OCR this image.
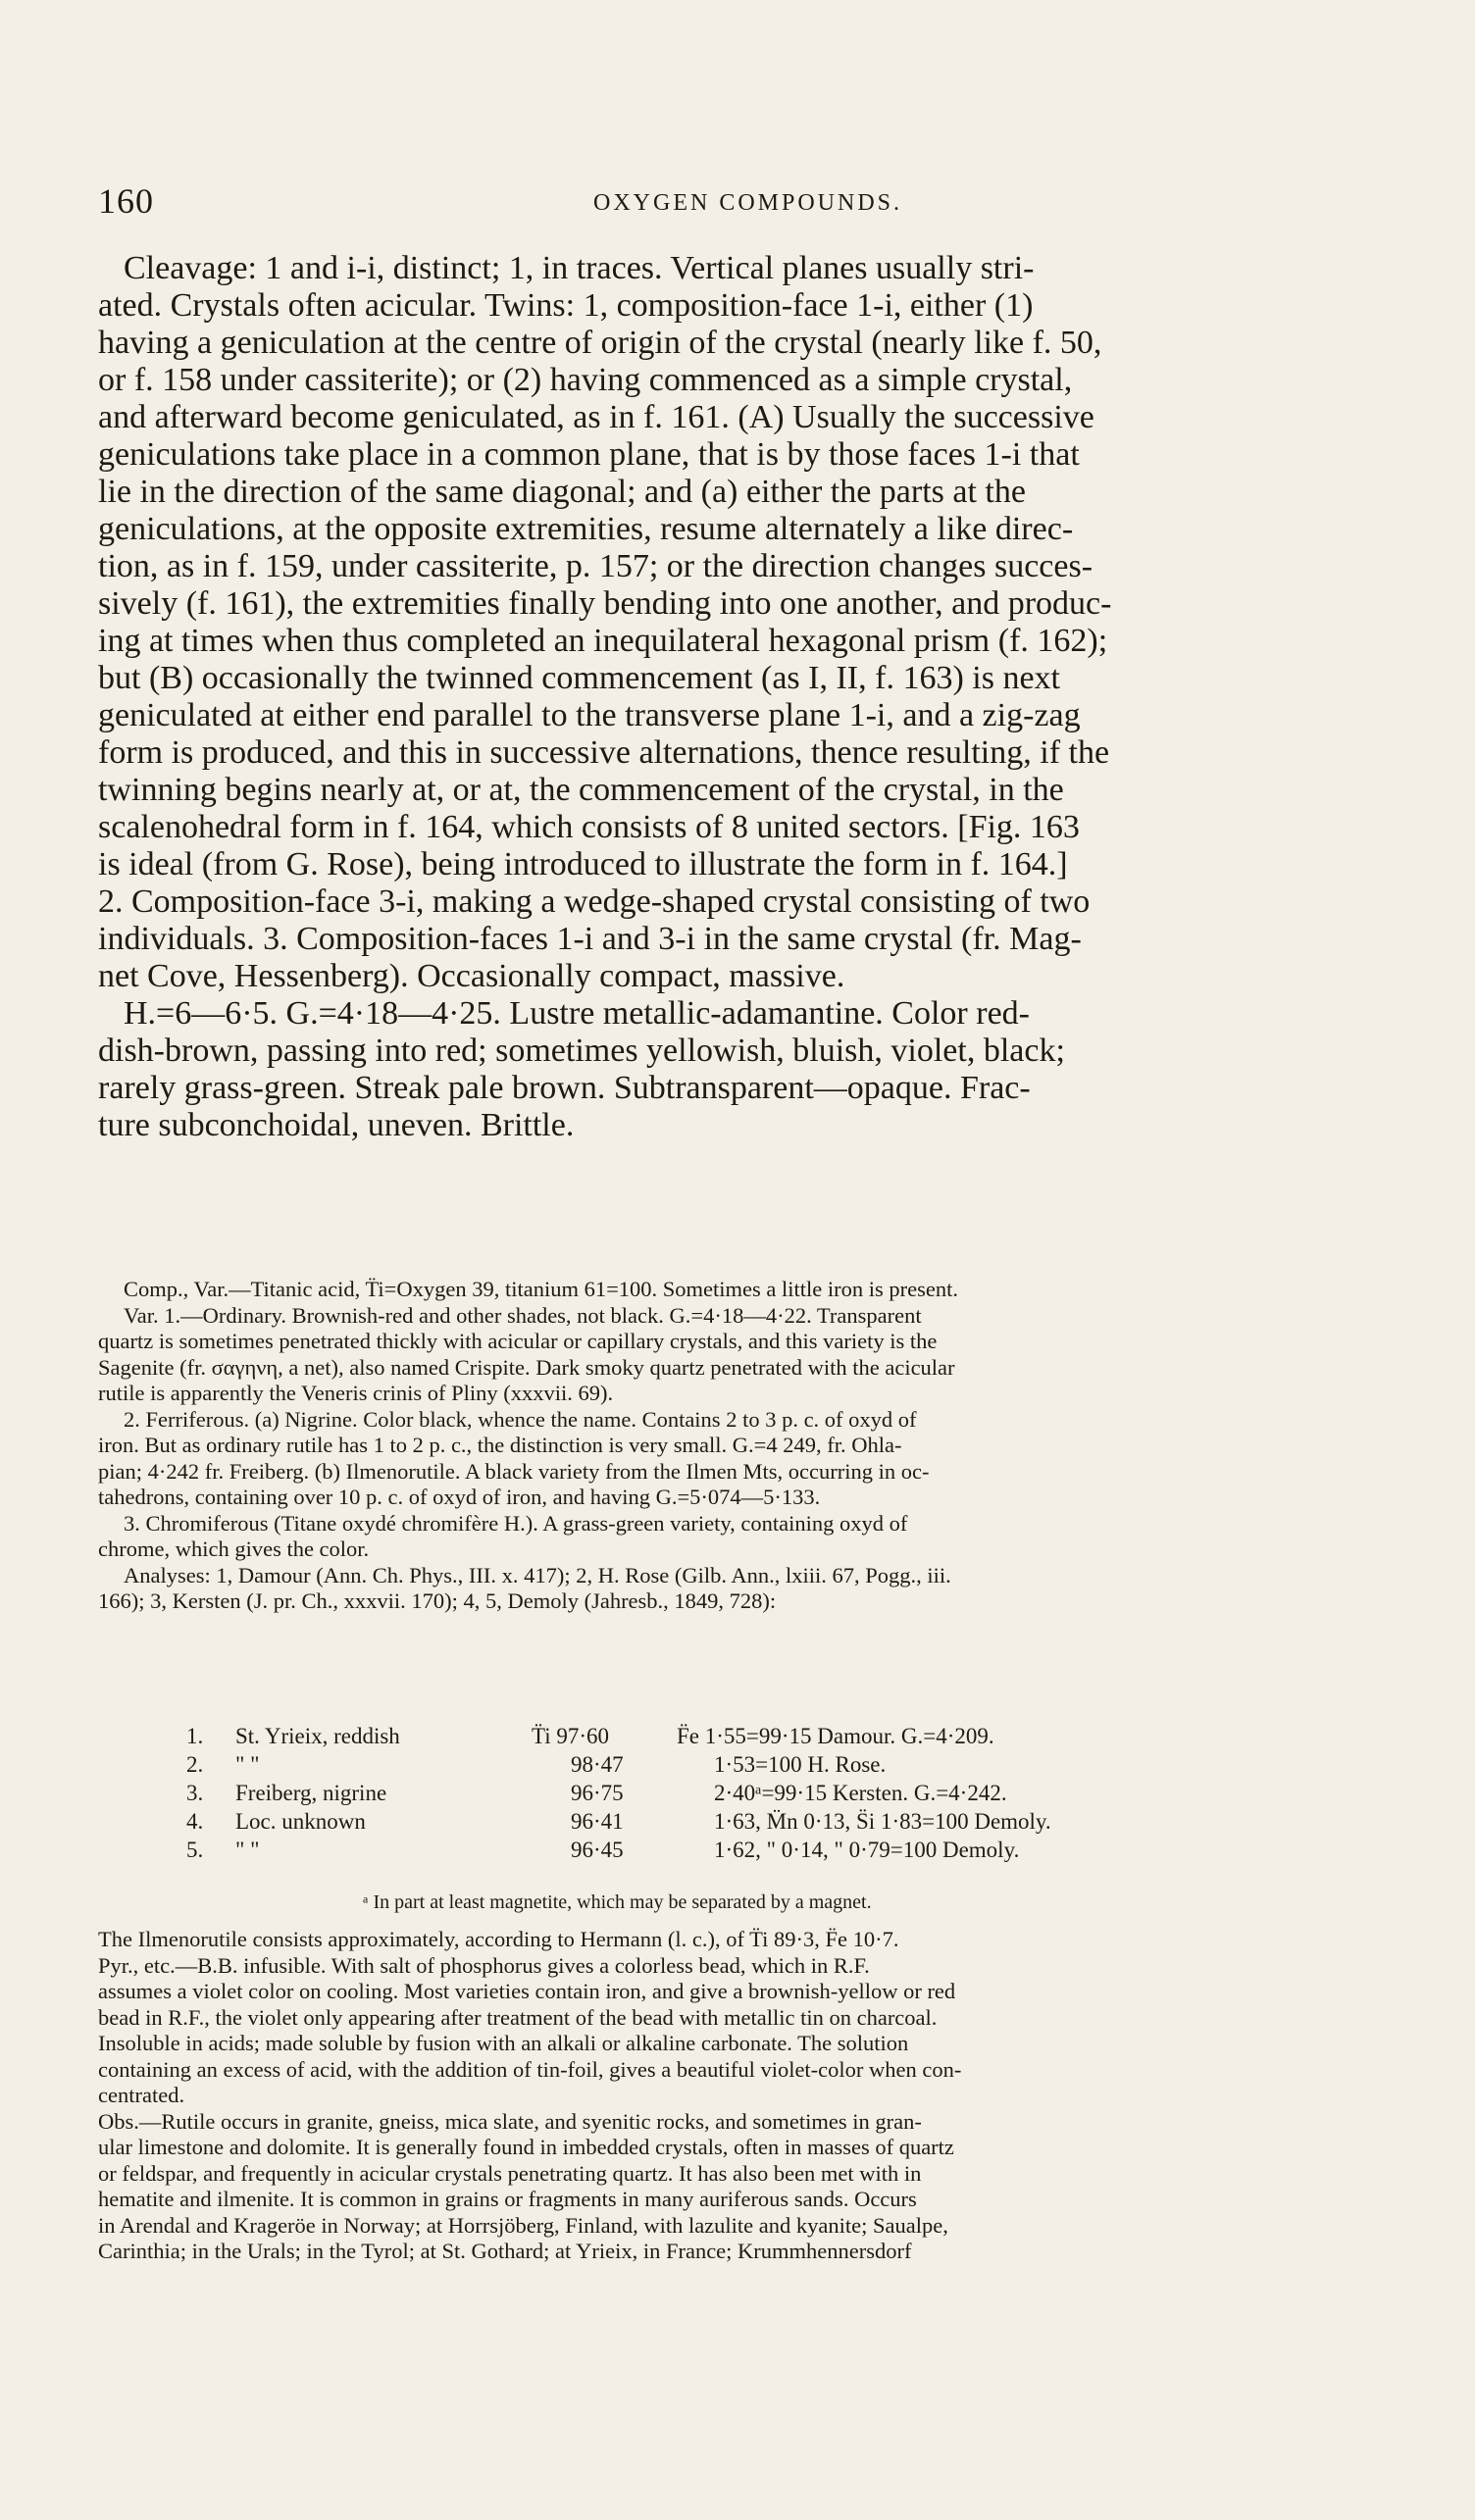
160	OXYGEN COMPOUNDS.

Cleavage: 1 and i-i, distinct; 1, in traces. Vertical planes usually stri-

ated. Crystals often acicular. Twins: 1, composition-face 1-i, either (1)

having a geniculation at the centre of origin of the crystal (nearly like f. 50,

or f. 158 under cassiterite); or (2) having commenced as a simple crystal,

and afterward become geniculated, as in f. 161. (A) Usually the successive

geniculations take place in a common plane, that is by those faces 1-i that

lie in the direction of the same diagonal; and (a) either the parts at the

geniculations, at the opposite extremities, resume alternately a like direc-

tion, as in f. 159, under cassiterite, p. 157; or the direction changes succes-

sively (f. 161), the extremities finally bending into one another, and produc-

ing at times when thus completed an inequilateral hexagonal prism (f. 162);

but (B) occasionally the twinned commencement (as I, II, f. 163) is next

geniculated at either end parallel to the transverse plane 1-i, and a zig-zag

form is produced, and this in successive alternations, thence resulting, if the

twinning begins nearly at, or at, the commencement of the crystal, in the

scalenohedral form in f. 164, which consists of 8 united sectors. [Fig. 163

is ideal (from G. Rose), being introduced to illustrate the form in f. 164.]

2. Composition-face 3-i, making a wedge-shaped crystal consisting of two

individuals. 3. Composition-faces 1-i and 3-i in the same crystal (fr. Mag-

net Cove, Hessenberg). Occasionally compact, massive.

H.=6—6·5. G.=4·18—4·25. Lustre metallic-adamantine. Color red-

dish-brown, passing into red; sometimes yellowish, bluish, violet, black;

rarely grass-green. Streak pale brown. Subtransparent—opaque. Frac-

ture subconchoidal, uneven. Brittle.

Comp., Var.—Titanic acid, T̈i=Oxygen 39, titanium 61=100. Sometimes a little iron is present.

Var. 1.—Ordinary. Brownish-red and other shades, not black. G.=4·18—4·22. Transparent

quartz is sometimes penetrated thickly with acicular or capillary crystals, and this variety is the

Sagenite (fr. σαγηνη, a net), also named Crispite. Dark smoky quartz penetrated with the acicular

rutile is apparently the Veneris crinis of Pliny (xxxvii. 69).

2. Ferriferous. (a) Nigrine. Color black, whence the name. Contains 2 to 3 p. c. of oxyd of

iron. But as ordinary rutile has 1 to 2 p. c., the distinction is very small. G.=4 249, fr. Ohla-

pian; 4·242 fr. Freiberg. (b) Ilmenorutile. A black variety from the Ilmen Mts, occurring in oc-

tahedrons, containing over 10 p. c. of oxyd of iron, and having G.=5·074—5·133.

3. Chromiferous (Titane oxydé chromifère H.). A grass-green variety, containing oxyd of

chrome, which gives the color.

Analyses: 1, Damour (Ann. Ch. Phys., III. x. 417); 2, H. Rose (Gilb. Ann., lxiii. 67, Pogg., iii.

166); 3, Kersten (J. pr. Ch., xxxvii. 170); 4, 5, Demoly (Jahresb., 1849, 728):

1. St. Yrieix, reddish	T̈i 97·60	F̈e 1·55=99·15 Damour. G.=4·209.
2. " "	98·47	1·53=100 H. Rose.
3. Freiberg, nigrine	96·75	2·40ᵃ=99·15 Kersten. G.=4·242.
4. Loc. unknown	96·41	1·63, M̈n 0·13, S̈i 1·83=100 Demoly.
5. " "	96·45	1·62, " 0·14, " 0·79=100 Demoly.
ᵃ In part at least magnetite, which may be separated by a magnet.

The Ilmenorutile consists approximately, according to Hermann (l. c.), of T̈i 89·3, F̈e 10·7.

Pyr., etc.—B.B. infusible. With salt of phosphorus gives a colorless bead, which in R.F.

assumes a violet color on cooling. Most varieties contain iron, and give a brownish-yellow or red

bead in R.F., the violet only appearing after treatment of the bead with metallic tin on charcoal.

Insoluble in acids; made soluble by fusion with an alkali or alkaline carbonate. The solution

containing an excess of acid, with the addition of tin-foil, gives a beautiful violet-color when con-

centrated.

Obs.—Rutile occurs in granite, gneiss, mica slate, and syenitic rocks, and sometimes in gran-

ular limestone and dolomite. It is generally found in imbedded crystals, often in masses of quartz

or feldspar, and frequently in acicular crystals penetrating quartz. It has also been met with in

hematite and ilmenite. It is common in grains or fragments in many auriferous sands. Occurs

in Arendal and Krageröe in Norway; at Horrsjöberg, Finland, with lazulite and kyanite; Saualpe,

Carinthia; in the Urals; in the Tyrol; at St. Gothard; at Yrieix, in France; Krummhennersdorf
